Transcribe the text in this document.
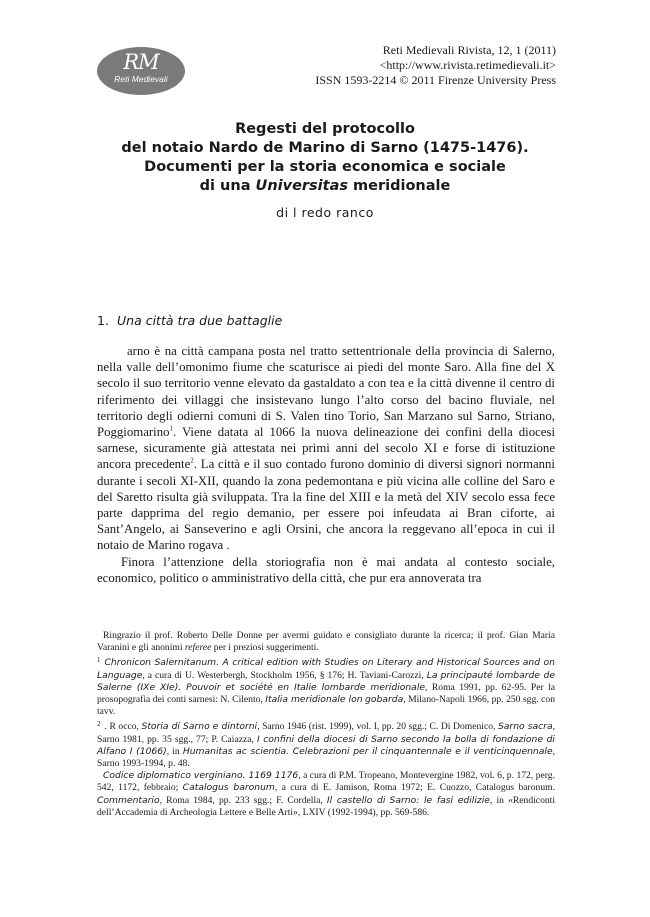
RM
Reti Medievali
Reti Medievali Rivista, 12, 1 (2011)
<http://www.rivista.retimedievali.it>
ISSN 1593-2214 © 2011 Firenze University Press
Regesti del protocollo
del notaio Nardo de Marino di Sarno (1475-1476).
Documenti per la storia economica e sociale
di una Universitas meridionale
di l redo ranco
1. Una città tra due battaglie

arno è na città campana posta nel tratto settentrionale della provincia di Salerno, nella valle dell’omonimo fiume che scaturisce ai piedi del monte Saro. Alla fine del X secolo il suo territorio venne elevato da gastaldato a con tea e la città divenne il centro di riferimento dei villaggi che insistevano lungo l’alto corso del bacino fluviale, nel territorio degli odierni comuni di S. Valen tino Torio, San Marzano sul Sarno, Striano, Poggiomarino$^1$. Viene datata al 1066 la nuova delineazione dei confini della diocesi sarnese, sicuramente già attestata nei primi anni del secolo XI e forse di istituzione ancora precedente$^2$. La città e il suo contado furono dominio di diversi signori normanni durante i secoli XI-XII, quando la zona pedemontana e più vicina alle colline del Saro e del Saretto risulta già sviluppata. Tra la fine del XIII e la metà del XIV secolo essa fece parte dapprima del regio demanio, per essere poi infeudata ai Bran ciforte, ai Sant’Angelo, ai Sanseverino e agli Orsini, che ancora la reggevano all’epoca in cui il notaio de Marino rogava .

Finora l’attenzione della storiografia non è mai andata al contesto sociale, economico, politico o amministrativo della città, che pur era annoverata tra

Ringrazio il prof. Roberto Delle Donne per avermi guidato e consigliato durante la ricerca; il prof. Gian Maria Varanini e gli anonimi referee per i preziosi suggerimenti.

$^1$ Chronicon Salernitanum. A critical edition with Studies on Literary and Historical Sources and on Language, a cura di U. Westerbergh, Stockholm 1956, § 176; H. Taviani-Carozzi, La principauté lombarde de Salerne (IXe XIe). Pouvoir et société en Italie lombarde meridionale, Roma 1991, pp. 62-95. Per la prosopografia dei conti sarnesi: N. Cilento, Italia meridionale lon gobarda, Milano-Napoli 1966, pp. 250 sgg. con tavv.

$^2$ . R occo, Storia di Sarno e dintorni, Sarno 1946 (rist. 1999), vol. I, pp. 20 sgg.; C. Di Domenico, Sarno sacra, Sarno 1981, pp. 35 sgg., 77; P. Caiazza, I confini della diocesi di Sarno secondo la bolla di fondazione di Alfano I (1066), in Humanitas ac scientia. Celebrazioni per il cinquantennale e il venticinquennale, Sarno 1993-1994, p. 48.

Codice diplomatico verginiano. 1169 1176, a cura di P.M. Tropeano, Montevergine 1982, vol. 6, p. 172, perg. 542, 1172, febbraio; Catalogus baronum, a cura di E. Jamison, Roma 1972; E. Cuozzo, Catalogus baronum. Commentario, Roma 1984, pp. 233 sgg.; F. Cordella, Il castello di Sarno: le fasi edilizie, in «Rendiconti dell’Accademia di Archeologia Lettere e Belle Arti», LXIV (1992-1994), pp. 569-586.
